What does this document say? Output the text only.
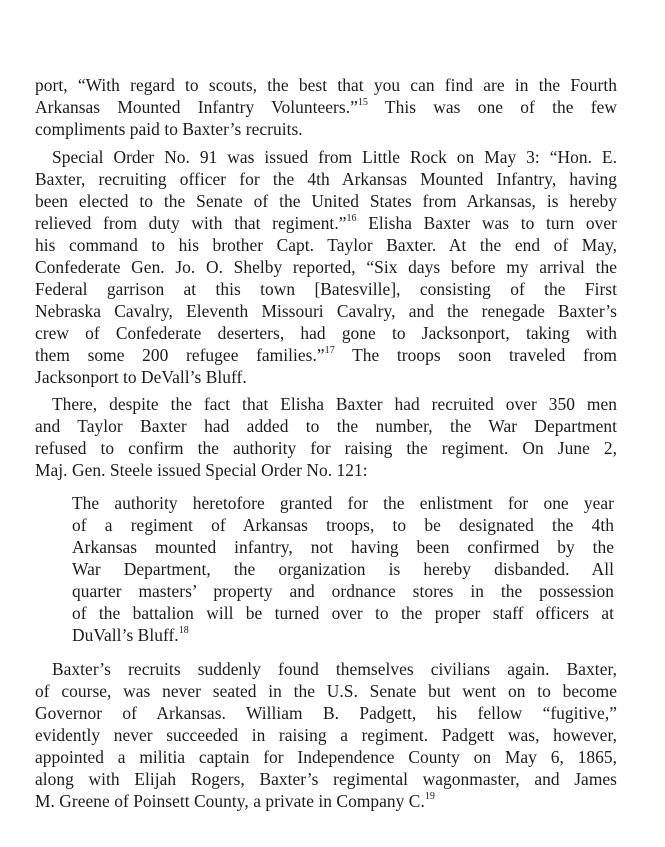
port, “With regard to scouts, the best that you can find are in the Fourth
Arkansas Mounted Infantry Volunteers.”$^{15}$ This was one of the few
compliments paid to Baxter’s recruits.
Special Order No. 91 was issued from Little Rock on May 3: “Hon. E.
Baxter, recruiting officer for the 4th Arkansas Mounted Infantry, having
been elected to the Senate of the United States from Arkansas, is hereby
relieved from duty with that regiment.”$^{16}$ Elisha Baxter was to turn over
his command to his brother Capt. Taylor Baxter. At the end of May,
Confederate Gen. Jo. O. Shelby reported, “Six days before my arrival the
Federal garrison at this town [Batesville], consisting of the First
Nebraska Cavalry, Eleventh Missouri Cavalry, and the renegade Baxter’s
crew of Confederate deserters, had gone to Jacksonport, taking with
them some 200 refugee families.”$^{17}$ The troops soon traveled from
Jacksonport to DeVall’s Bluff.
There, despite the fact that Elisha Baxter had recruited over 350 men
and Taylor Baxter had added to the number, the War Department
refused to confirm the authority for raising the regiment. On June 2,
Maj. Gen. Steele issued Special Order No. 121:
The authority heretofore granted for the enlistment for one year
of a regiment of Arkansas troops, to be designated the 4th
Arkansas mounted infantry, not having been confirmed by the
War Department, the organization is hereby disbanded. All
quarter masters’ property and ordnance stores in the possession
of the battalion will be turned over to the proper staff officers at
DuVall’s Bluff.$^{18}$
Baxter’s recruits suddenly found themselves civilians again. Baxter,
of course, was never seated in the U.S. Senate but went on to become
Governor of Arkansas. William B. Padgett, his fellow “fugitive,”
evidently never succeeded in raising a regiment. Padgett was, however,
appointed a militia captain for Independence County on May 6, 1865,
along with Elijah Rogers, Baxter’s regimental wagonmaster, and James
M. Greene of Poinsett County, a private in Company C.$^{19}$
